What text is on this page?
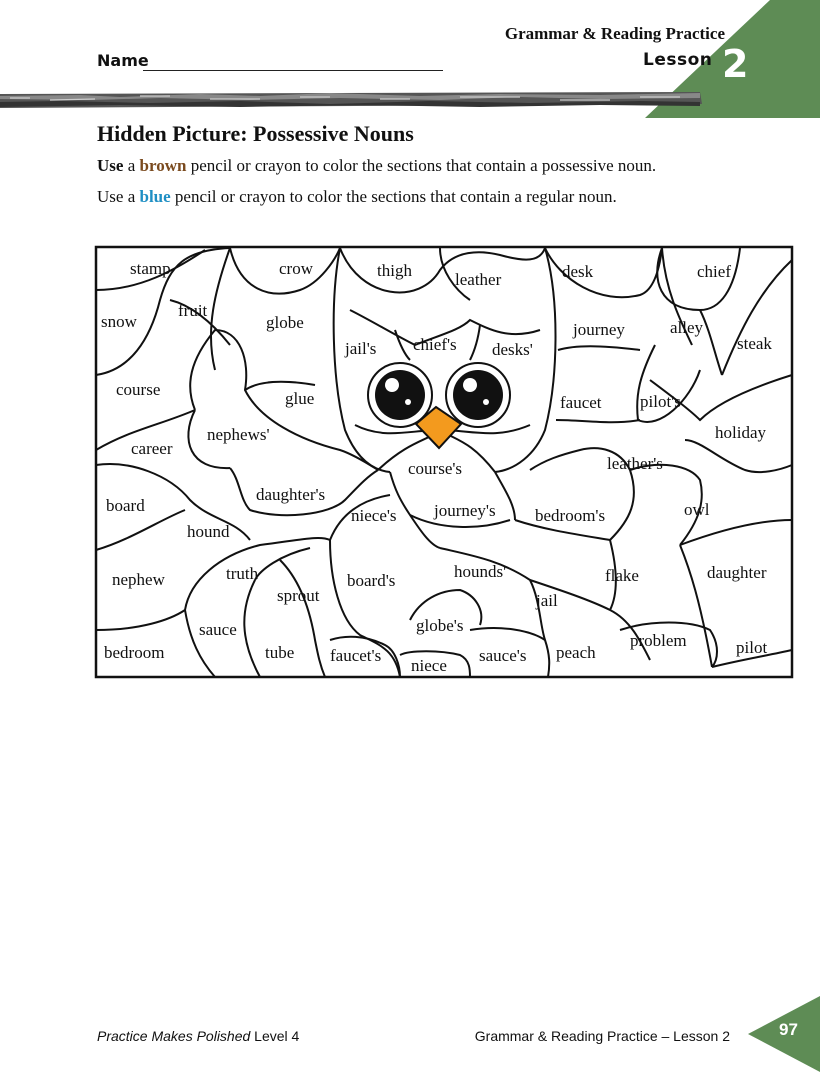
Grammar & Reading Practice
Name	Lesson 2
Hidden Picture: Possessive Nouns
Use a brown pencil or crayon to color the sections that contain a possessive noun.
Use a blue pencil or crayon to color the sections that contain a regular noun.
stamp	crow	thigh	leather	desk	chief
snow
fruit
globe	journey	alley
steak
jail's chief's desks'
course	glue	faucet pilot's
holiday
nephews'
career
course's	leather's
board
daughter's
niece's journey's bedroom's	owl
hound
nephew	truth	board's	hounds'	flake	daughter
sprout	jail
sauce	globe's
problem	pilot
bedroom	tube faucet's	sauce's peach
niece
Practice Makes Polished Level 4	Grammar & Reading Practice – Lesson 2	97
